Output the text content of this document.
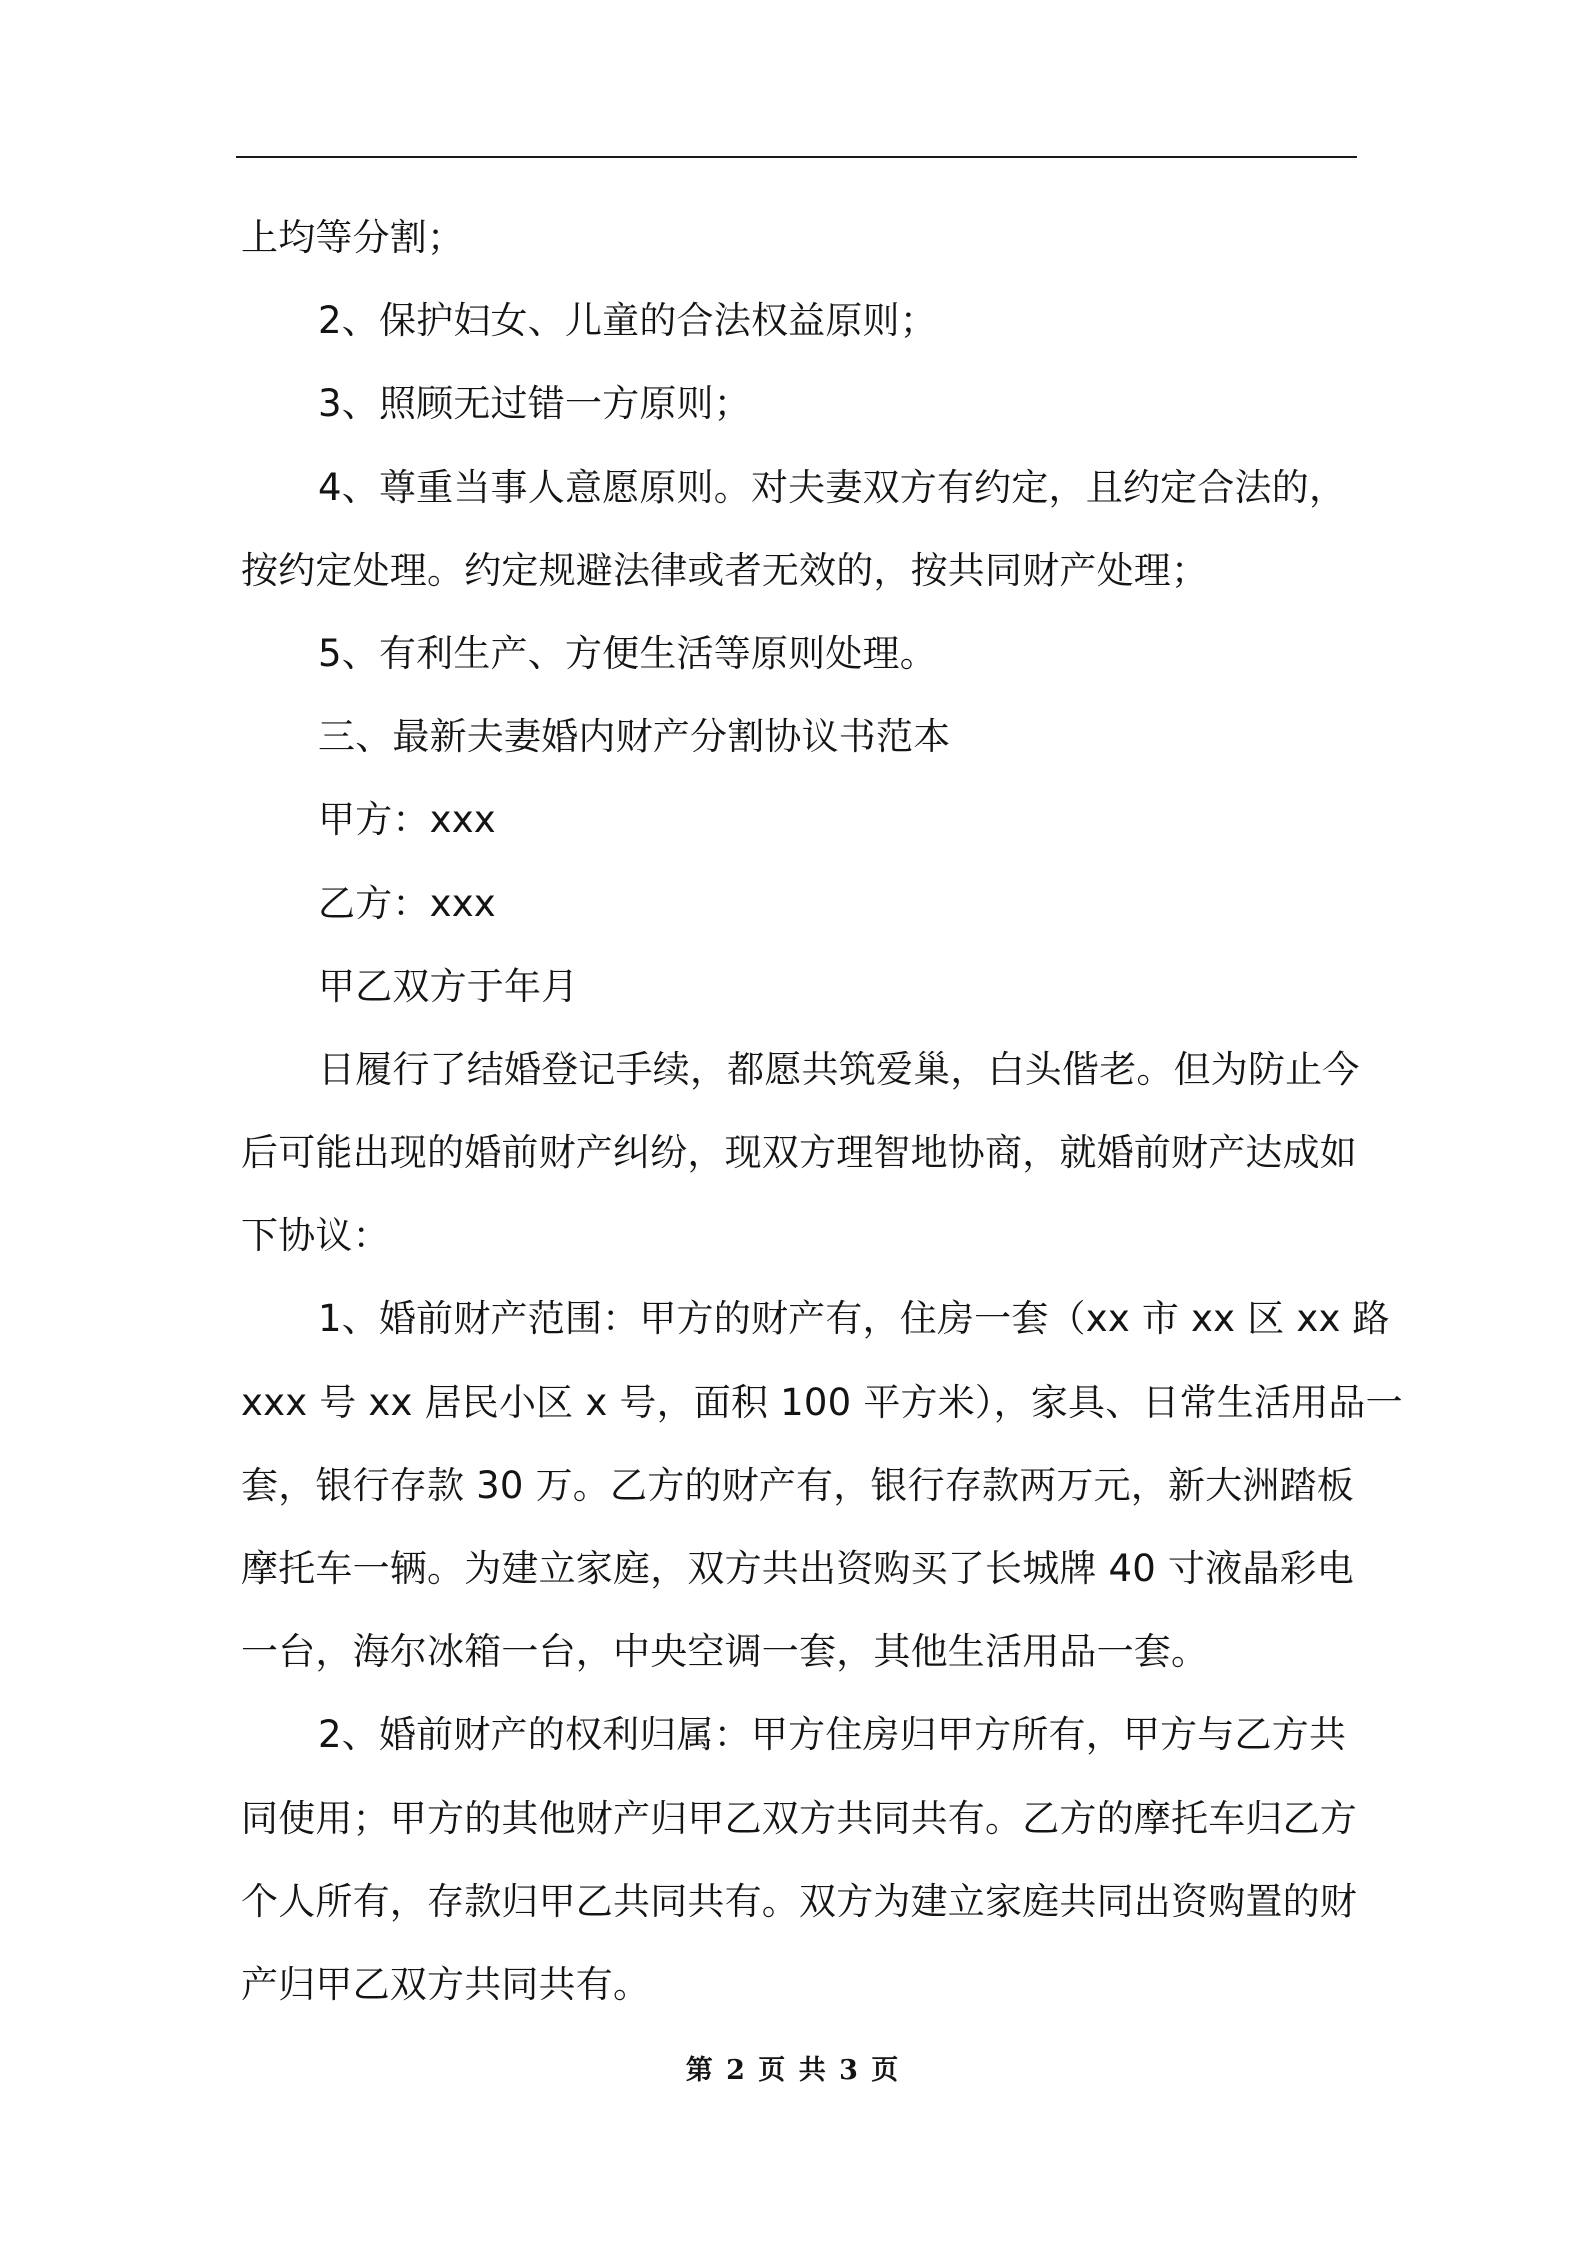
上均等分割；
2、保护妇女、儿童的合法权益原则；
3、照顾无过错一方原则；
4、尊重当事人意愿原则。对夫妻双方有约定，且约定合法的，
按约定处理。约定规避法律或者无效的，按共同财产处理；
5、有利生产、方便生活等原则处理。
三、最新夫妻婚内财产分割协议书范本
甲方：xxx
乙方：xxx
甲乙双方于年月
日履行了结婚登记手续，都愿共筑爱巢，白头偕老。但为防止今
后可能出现的婚前财产纠纷，现双方理智地协商，就婚前财产达成如
下协议：
1、婚前财产范围：甲方的财产有，住房一套（xx 市 xx 区 xx 路
xxx 号 xx 居民小区 x 号，面积 100 平方米），家具、日常生活用品一
套，银行存款 30 万。乙方的财产有，银行存款两万元，新大洲踏板
摩托车一辆。为建立家庭，双方共出资购买了长城牌 40 寸液晶彩电
一台，海尔冰箱一台，中央空调一套，其他生活用品一套。
2、婚前财产的权利归属：甲方住房归甲方所有，甲方与乙方共
同使用；甲方的其他财产归甲乙双方共同共有。乙方的摩托车归乙方
个人所有，存款归甲乙共同共有。双方为建立家庭共同出资购置的财
产归甲乙双方共同共有。
第 2 页 共 3 页
